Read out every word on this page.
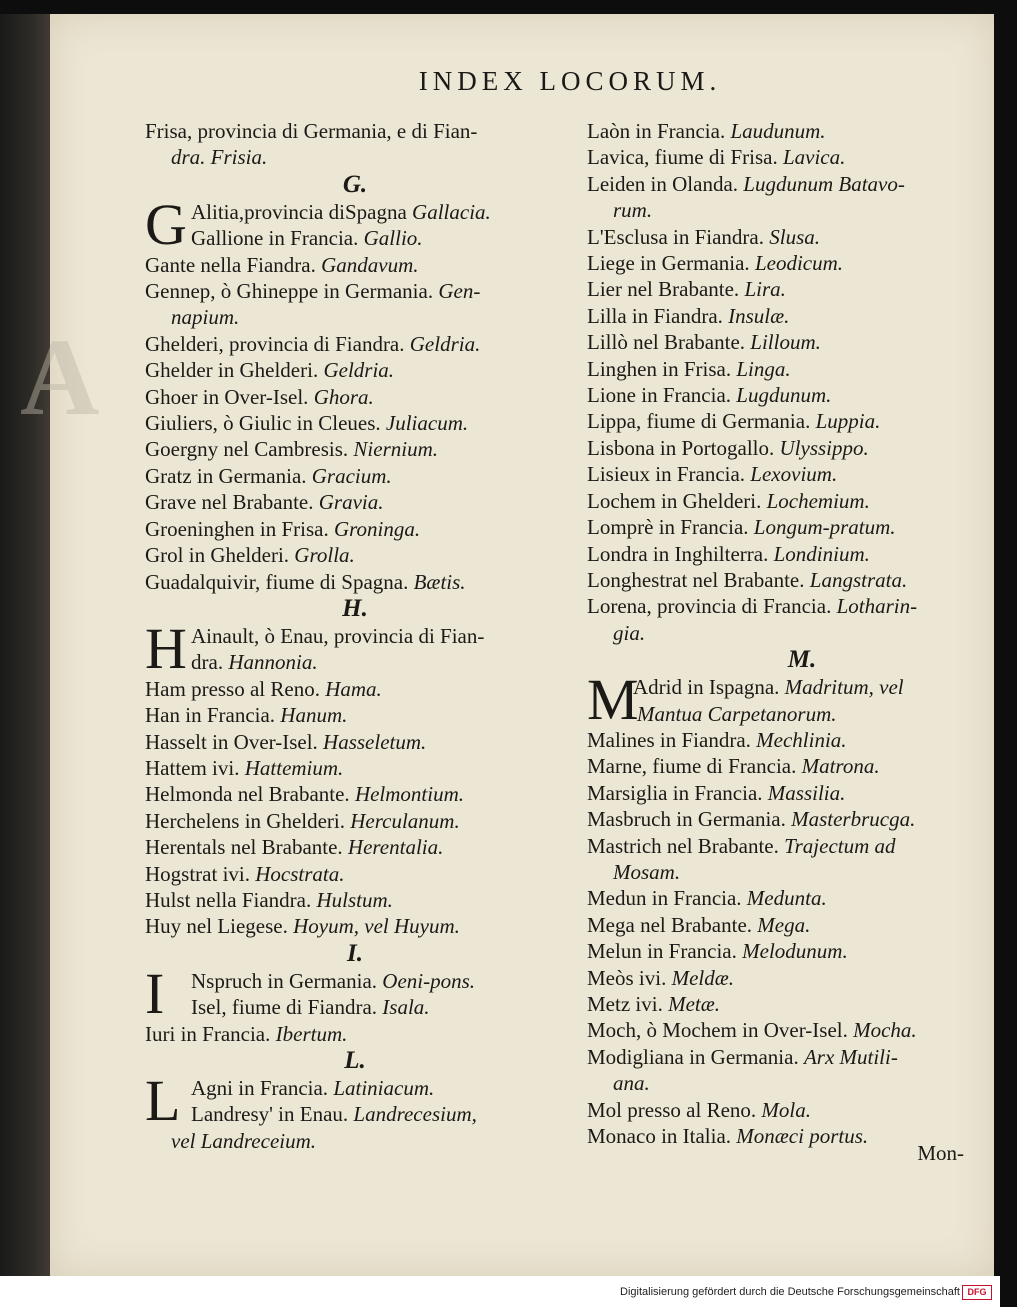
A
INDEX LOCORUM.
Frisa, provincia di Germania, e di Fian-
dra. Frisia.
G.
G Alitia,provincia diSpagna Gallacia.
Gallione in Francia. Gallio.
Gante nella Fiandra. Gandavum.
Gennep, ò Ghineppe in Germania. Gen-
napium.
Ghelderi, provincia di Fiandra. Geldria.
Ghelder in Ghelderi. Geldria.
Ghoer in Over-Isel. Ghora.
Giuliers, ò Giulic in Cleues. Juliacum.
Goergny nel Cambresis. Niernium.
Gratz in Germania. Gracium.
Grave nel Brabante. Gravia.
Groeninghen in Frisa. Groninga.
Grol in Ghelderi. Grolla.
Guadalquivir, fiume di Spagna. Bætis.
H.
H Ainault, ò Enau, provincia di Fian-
dra. Hannonia.
Ham presso al Reno. Hama.
Han in Francia. Hanum.
Hasselt in Over-Isel. Hasseletum.
Hattem ivi. Hattemium.
Helmonda nel Brabante. Helmontium.
Herchelens in Ghelderi. Herculanum.
Herentals nel Brabante. Herentalia.
Hogstrat ivi. Hocstrata.
Hulst nella Fiandra. Hulstum.
Huy nel Liegese. Hoyum, vel Huyum.
I.
I	Nspruch in Germania. Oeni-pons.
Isel, fiume di Fiandra. Isala.
Iuri in Francia. Ibertum.
L.
L Agni in Francia. Latiniacum.
Landresy' in Enau. Landrecesium,
vel Landreceium.
Laòn in Francia. Laudunum.
Lavica, fiume di Frisa. Lavica.
Leiden in Olanda. Lugdunum Batavo-
rum.
L'Esclusa in Fiandra. Slusa.
Liege in Germania. Leodicum.
Lier nel Brabante. Lira.
Lilla in Fiandra. Insulæ.
Lillò nel Brabante. Lilloum.
Linghen in Frisa. Linga.
Lione in Francia. Lugdunum.
Lippa, fiume di Germania. Luppia.
Lisbona in Portogallo. Ulyssippo.
Lisieux in Francia. Lexovium.
Lochem in Ghelderi. Lochemium.
Lomprè in Francia. Longum-pratum.
Londra in Inghilterra. Londinium.
Longhestrat nel Brabante. Langstrata.
Lorena, provincia di Francia. Lotharin-
gia.
M.
M
Adrid in Ispagna. Madritum, vel
Mantua Carpetanorum.
Malines in Fiandra. Mechlinia.
Marne, fiume di Francia. Matrona.
Marsiglia in Francia. Massilia.
Masbruch in Germania. Masterbrucga.
Mastrich nel Brabante. Trajectum ad
Mosam.
Medun in Francia. Medunta.
Mega nel Brabante. Mega.
Melun in Francia. Melodunum.
Meòs ivi. Meldæ.
Metz ivi. Metæ.
Moch, ò Mochem in Over-Isel. Mocha.
Modigliana in Germania. Arx Mutili-
ana.
Mol presso al Reno. Mola.
Monaco in Italia. Monæci portus.
Mon-
Digitalisierung gefördert durch die Deutsche Forschungsgemeinschaft DFG
